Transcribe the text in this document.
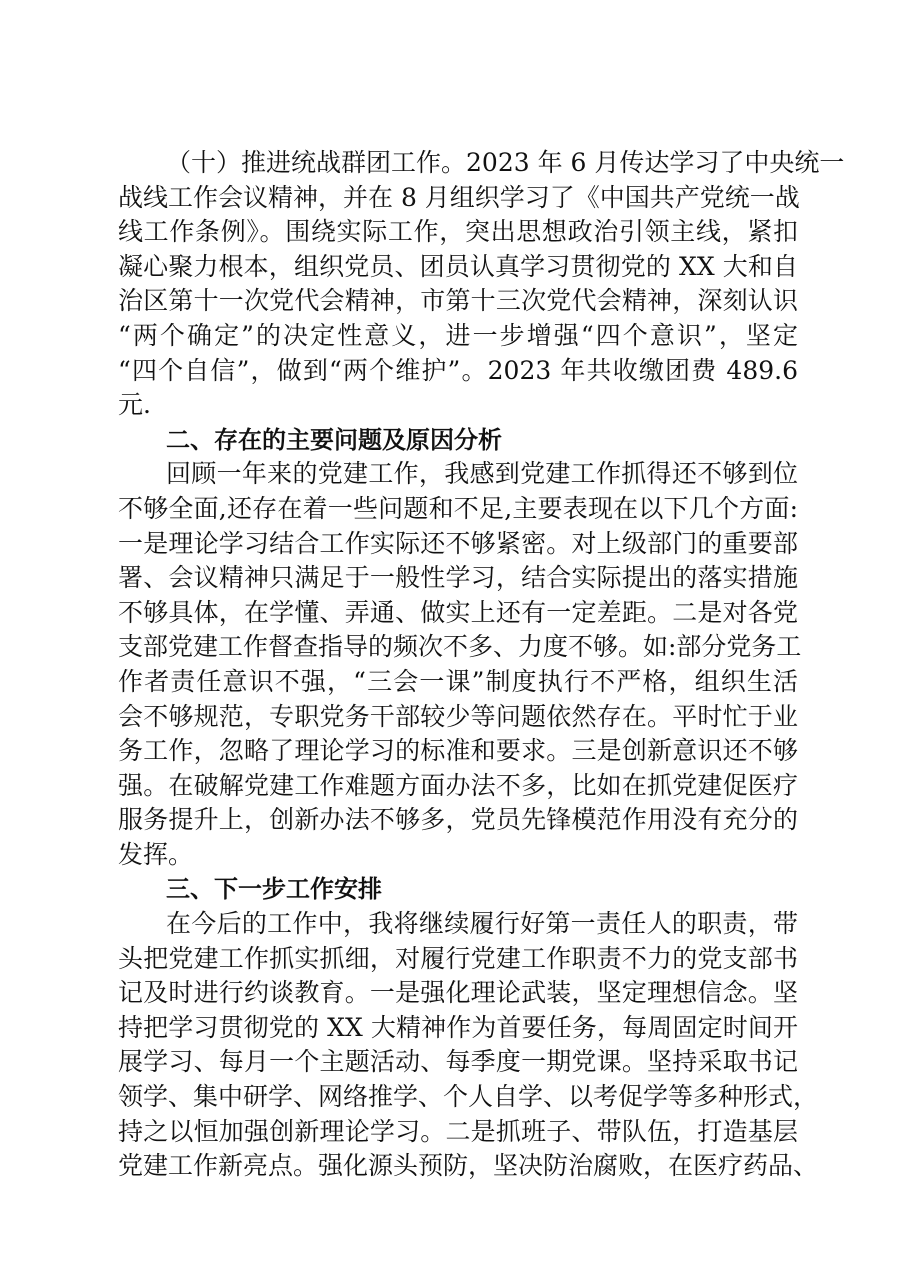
（十）推进统战群团工作。2023 年 6 月传达学习了中央统一
战线工作会议精神，并在 8 月组织学习了《中国共产党统一战
线工作条例》。围绕实际工作，突出思想政治引领主线，紧扣
凝心聚力根本，组织党员、团员认真学习贯彻党的 XX 大和自
治区第十一次党代会精神，市第十三次党代会精神，深刻认识
“两个确定”的决定性意义，进一步增强“四个意识”，坚定
“四个自信”，做到“两个维护”。2023 年共收缴团费 489.6
元.
二、存在的主要问题及原因分析
回顾一年来的党建工作，我感到党建工作抓得还不够到位
不够全面,还存在着一些问题和不足,主要表现在以下几个方面:
一是理论学习结合工作实际还不够紧密。对上级部门的重要部
署、会议精神只满足于一般性学习，结合实际提出的落实措施
不够具体，在学懂、弄通、做实上还有一定差距。二是对各党
支部党建工作督查指导的频次不多、力度不够。如:部分党务工
作者责任意识不强，“三会一课”制度执行不严格，组织生活
会不够规范，专职党务干部较少等问题依然存在。平时忙于业
务工作，忽略了理论学习的标准和要求。三是创新意识还不够
强。在破解党建工作难题方面办法不多，比如在抓党建促医疗
服务提升上，创新办法不够多，党员先锋模范作用没有充分的
发挥。
三、下一步工作安排
在今后的工作中，我将继续履行好第一责任人的职责，带
头把党建工作抓实抓细，对履行党建工作职责不力的党支部书
记及时进行约谈教育。一是强化理论武装，坚定理想信念。坚
持把学习贯彻党的 XX 大精神作为首要任务，每周固定时间开
展学习、每月一个主题活动、每季度一期党课。坚持采取书记
领学、集中研学、网络推学、个人自学、以考促学等多种形式，
持之以恒加强创新理论学习。二是抓班子、带队伍，打造基层
党建工作新亮点。强化源头预防，坚决防治腐败，在医疗药品、
